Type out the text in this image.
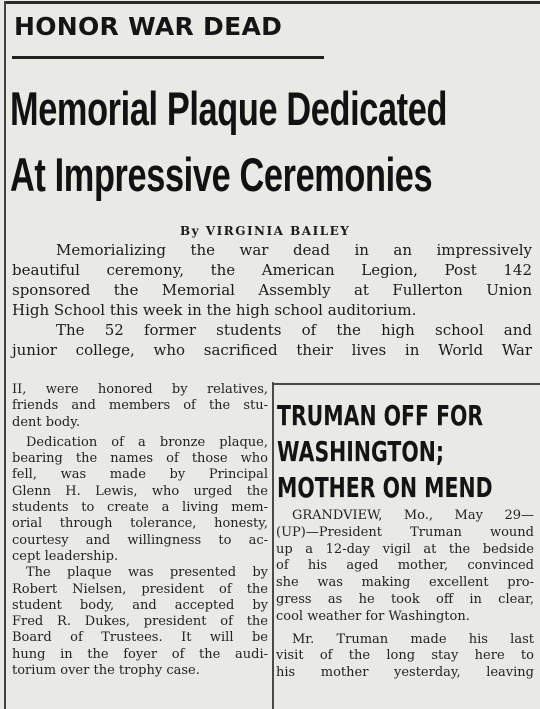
HONOR WAR DEAD
Memorial Plaque Dedicated
At Impressive Ceremonies
By VIRGINIA BAILEY
Memorializing the war dead in an impressively
beautiful ceremony, the American Legion, Post 142
sponsored the Memorial Assembly at Fullerton Union
High School this week in the high school auditorium.
The 52 former students of the high school and
junior college, who sacrificed their lives in World War
II, were honored by relatives,
friends and members of the stu-
dent body.
Dedication of a bronze plaque,
bearing the names of those who
fell, was made by Principal
Glenn H. Lewis, who urged the
students to create a living mem-
orial through tolerance, honesty,
courtesy and willingness to ac-
cept leadership.
The plaque was presented by
Robert Nielsen, president of the
student body, and accepted by
Fred R. Dukes, president of the
Board of Trustees. It will be
hung in the foyer of the audi-
torium over the trophy case.
TRUMAN OFF FOR
WASHINGTON;
MOTHER ON MEND
GRANDVIEW, Mo., May 29—
(UP)—President Truman wound
up a 12-day vigil at the bedside
of his aged mother, convinced
she was making excellent pro-
gress as he took off in clear,
cool weather for Washington.
Mr. Truman made his last
visit of the long stay here to
his mother yesterday, leaving
